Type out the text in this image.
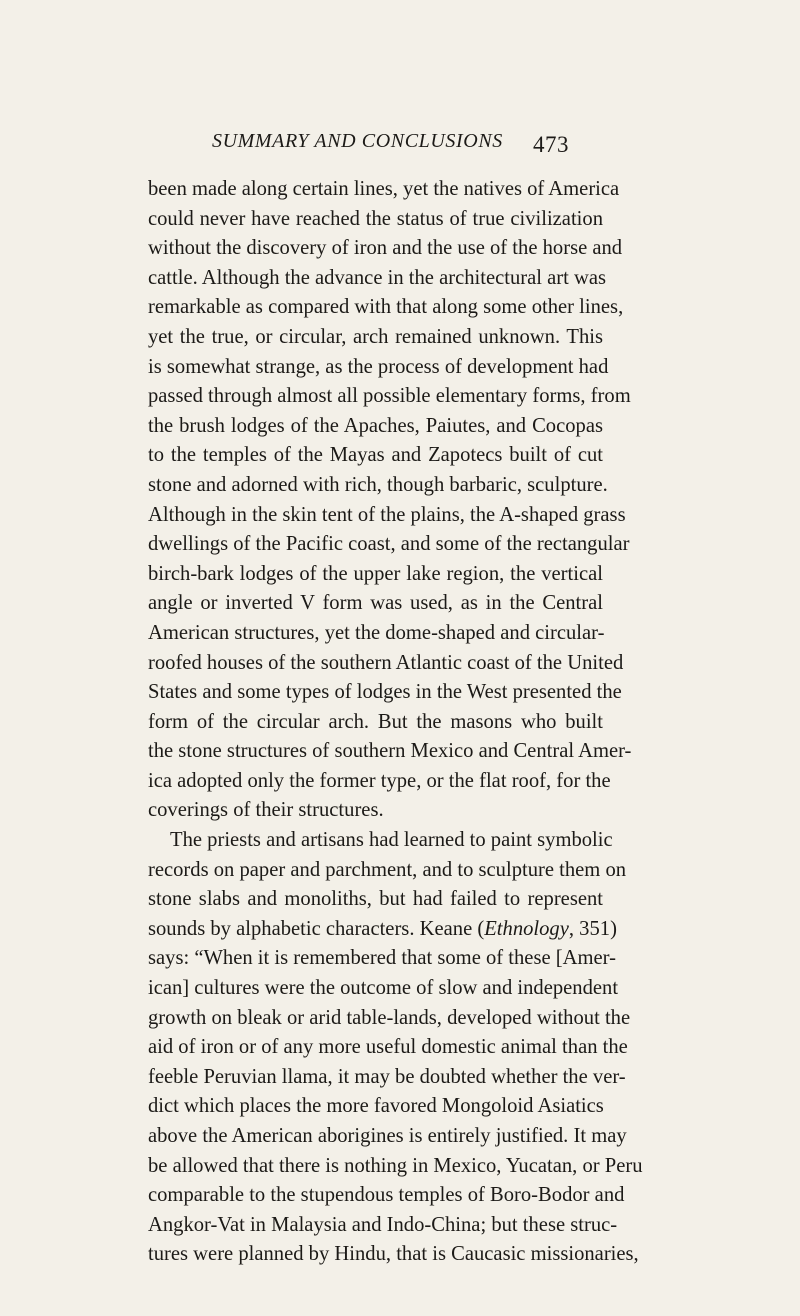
SUMMARY AND CONCLUSIONS 473
been made along certain lines, yet the natives of America
could never have reached the status of true civilization
without the discovery of iron and the use of the horse and
cattle. Although the advance in the architectural art was
remarkable as compared with that along some other lines,
yet the true, or circular, arch remained unknown. This
is somewhat strange, as the process of development had
passed through almost all possible elementary forms, from
the brush lodges of the Apaches, Paiutes, and Cocopas
to the temples of the Mayas and Zapotecs built of cut
stone and adorned with rich, though barbaric, sculpture.
Although in the skin tent of the plains, the A-shaped grass
dwellings of the Pacific coast, and some of the rectangular
birch-bark lodges of the upper lake region, the vertical
angle or inverted V form was used, as in the Central
American structures, yet the dome-shaped and circular-
roofed houses of the southern Atlantic coast of the United
States and some types of lodges in the West presented the
form of the circular arch. But the masons who built
the stone structures of southern Mexico and Central Amer-
ica adopted only the former type, or the flat roof, for the
coverings of their structures.
The priests and artisans had learned to paint symbolic
records on paper and parchment, and to sculpture them on
stone slabs and monoliths, but had failed to represent
sounds by alphabetic characters. Keane (Ethnology, 351)
says: “When it is remembered that some of these [Amer-
ican] cultures were the outcome of slow and independent
growth on bleak or arid table-lands, developed without the
aid of iron or of any more useful domestic animal than the
feeble Peruvian llama, it may be doubted whether the ver-
dict which places the more favored Mongoloid Asiatics
above the American aborigines is entirely justified. It may
be allowed that there is nothing in Mexico, Yucatan, or Peru
comparable to the stupendous temples of Boro-Bodor and
Angkor-Vat in Malaysia and Indo-China; but these struc-
tures were planned by Hindu, that is Caucasic missionaries,
